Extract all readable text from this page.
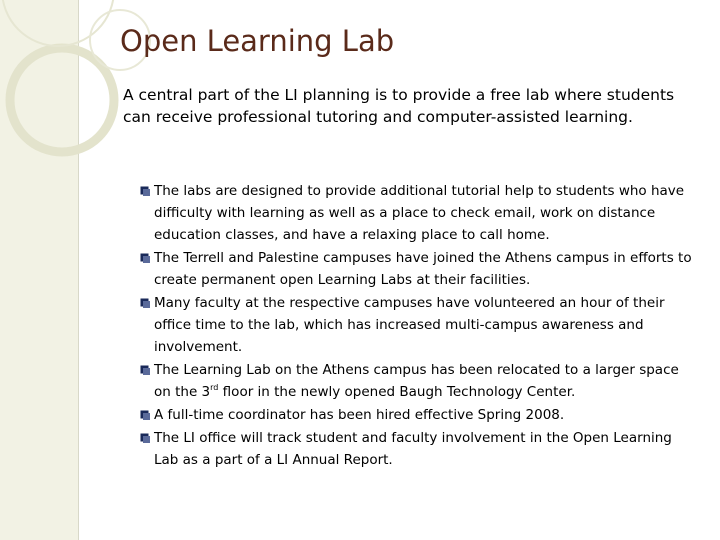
Open Learning Lab

A central part of the LI planning is to provide a free lab where students can receive professional tutoring and computer-assisted learning.

The labs are designed to provide additional tutorial help to students who have difficulty with learning as well as a place to check email, work on distance education classes, and have a relaxing place to call home.
The Terrell and Palestine campuses have joined the Athens campus in efforts to create permanent open Learning Labs at their facilities.
Many faculty at the respective campuses have volunteered an hour of their office time to the lab, which has increased multi-campus awareness and involvement.
The Learning Lab on the Athens campus has been relocated to a larger space on the 3rd floor in the newly opened Baugh Technology Center.
A full-time coordinator has been hired effective Spring 2008.
The LI office will track student and faculty involvement in the Open Learning Lab as a part of a LI Annual Report.
